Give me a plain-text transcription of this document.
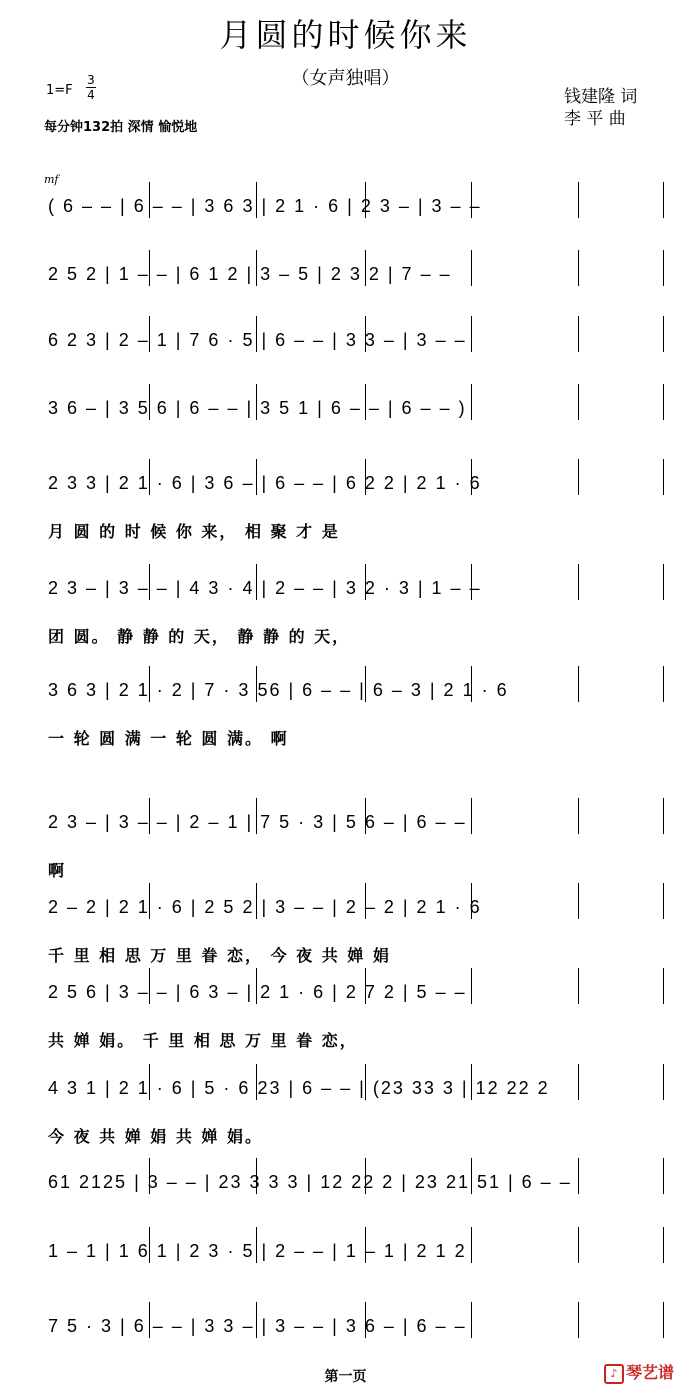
月圆的时候你来
（女声独唱）
1=F
3
4
每分钟132拍 深情 愉悦地
钱建隆 词
李 平 曲
mf
( 6 – – | 6 – – | 3 6 3 | 2 1 · 6 | 2 3 – | 3 – –
2 5 2 | 1 – – | 6 1 2 | 3 – 5 | 2 3 2 | 7 – –
6 2 3 | 2 – 1 | 7 6 · 5 | 6 – – | 3 3 – | 3 – –
3 6 – | 3 5 6 | 6 – – | 3 5 1 | 6 – – | 6 – – )
2 3 3 | 2 1 · 6 | 3 6 – | 6 – – | 6 2 2 | 2 1 · 6
月 圆 的 时 候 你 来， 相 聚 才 是
2 3 – | 3 – – | 4 3 · 4 | 2 – – | 3 2 · 3 | 1 – –
团 圆。 静 静 的 天， 静 静 的 天，
3 6 3 | 2 1 · 2 | 7 · 3 56 | 6 – – | 6 – 3 | 2 1 · 6
一 轮 圆 满 一 轮 圆 满。 啊
2 3 – | 3 – – | 2 – 1 | 7 5 · 3 | 5 6 – | 6 – –
啊
2 – 2 | 2 1 · 6 | 2 5 2 | 3 – – | 2 – 2 | 2 1 · 6
千 里 相 思 万 里 眷 恋， 今 夜 共 婵 娟
2 5 6 | 3 – – | 6 3 – | 2 1 · 6 | 2 7 2 | 5 – –
共 婵 娟。 千 里 相 思 万 里 眷 恋，
4 3 1 | 2 1 · 6 | 5 · 6 23 | 6 – – | (23 33 3 | 12 22 2
今 夜 共 婵 娟 共 婵 娟。
61 2125 | 3 – – | 23 3 3 3 | 12 22 2 | 23 21 51 | 6 – –
1 – 1 | 1 6 1 | 2 3 · 5 | 2 – – | 1 – 1 | 2 1 2
7 5 · 3 | 6 – – | 3 3 – | 3 – – | 3 6 – | 6 – –
第一页	♪ 琴艺谱
